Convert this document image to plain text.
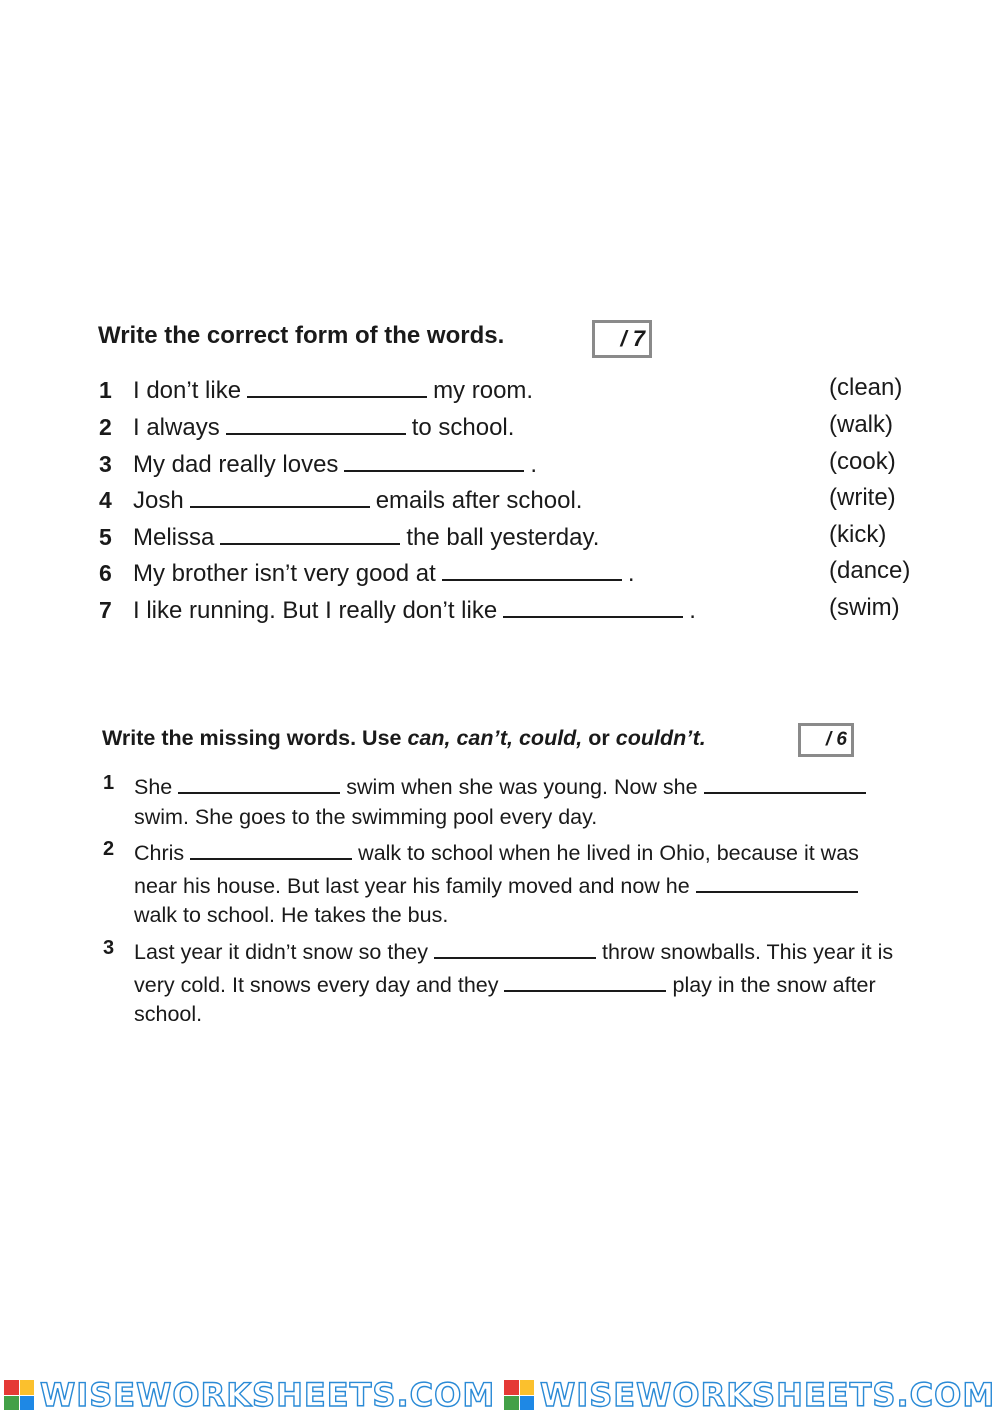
Write the correct form of the words.	/ 7
1 I don’t like	my room.	(clean)
2 I always	to school.	(walk)
3 My dad really loves	.	(cook)
4 Josh	emails after school.	(write)
5 Melissa	the ball yesterday.	(kick)
6 My brother isn’t very good at	.	(dance)
7 I like running. But I really don’t like	.	(swim)
Write the missing words. Use can, can’t, could, or couldn’t.	/ 6
1 She	swim when she was young. Now she
swim. She goes to the swimming pool every day.
2 Chris	walk to school when he lived in Ohio, because it was
near his house. But last year his family moved and now he
walk to school. He takes the bus.
3 Last year it didn’t snow so they	throw snowballs. This year it is
very cold. It snows every day and they	play in the snow after
school.
WISEWORKSHEETS.COM WISEWORKSHEETS.COM
